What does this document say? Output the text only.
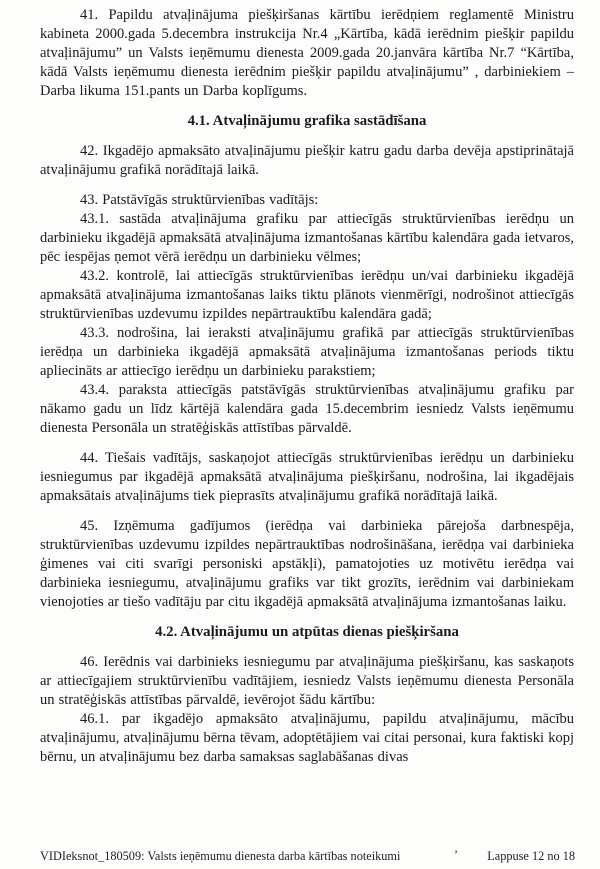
41. Papildu atvaļinājuma piešķiršanas kārtību ierēdņiem reglamentē Ministru kabineta 2000.gada 5.decembra instrukcija Nr.4 „Kārtība, kādā ierēdnim piešķir papildu atvaļinājumu” un Valsts ieņēmumu dienesta 2009.gada 20.janvāra kārtība Nr.7 “Kārtība, kādā Valsts ieņēmumu dienesta ierēdnim piešķir papildu atvaļinājumu” , darbiniekiem – Darba likuma 151.pants un Darba koplīgums.

4.1. Atvaļinājumu grafika sastādīšana

42. Ikgadējo apmaksāto atvaļinājumu piešķir katru gadu darba devēja apstiprinātajā atvaļinājumu grafikā norādītajā laikā.

43. Patstāvīgās struktūrvienības vadītājs:

43.1. sastāda atvaļinājuma grafiku par attiecīgās struktūrvienības ierēdņu un darbinieku ikgadējā apmaksātā atvaļinājuma izmantošanas kārtību kalendāra gada ietvaros, pēc iespējas ņemot vērā ierēdņu un darbinieku vēlmes;

43.2. kontrolē, lai attiecīgās struktūrvienības ierēdņu un/vai darbinieku ikgadējā apmaksātā atvaļinājuma izmantošanas laiks tiktu plānots vienmērīgi, nodrošinot attiecīgās struktūrvienības uzdevumu izpildes nepārtrauktību kalendāra gadā;

43.3. nodrošina, lai ieraksti atvaļinājumu grafikā par attiecīgās struktūrvienības ierēdņa un darbinieka ikgadējā apmaksātā atvaļinājuma izmantošanas periods tiktu apliecināts ar attiecīgo ierēdņu un darbinieku parakstiem;

43.4. paraksta attiecīgās patstāvīgās struktūrvienības atvaļinājumu grafiku par nākamo gadu un līdz kārtējā kalendāra gada 15.decembrim iesniedz Valsts ieņēmumu dienesta Personāla un stratēģiskās attīstības pārvaldē.

44. Tiešais vadītājs, saskaņojot attiecīgās struktūrvienības ierēdņu un darbinieku iesniegumus par ikgadējā apmaksātā atvaļinājuma piešķiršanu, nodrošina, lai ikgadējais apmaksātais atvaļinājums tiek pieprasīts atvaļinājumu grafikā norādītajā laikā.

45. Izņēmuma gadījumos (ierēdņa vai darbinieka pārejoša darbnespēja, struktūrvienības uzdevumu izpildes nepārtrauktības nodrošināšana, ierēdņa vai darbinieka ģimenes vai citi svarīgi personiski apstākļi), pamatojoties uz motivētu ierēdņa vai darbinieka iesniegumu, atvaļinājumu grafiks var tikt grozīts, ierēdnim vai darbiniekam vienojoties ar tiešo vadītāju par citu ikgadējā apmaksātā atvaļinājuma izmantošanas laiku.

4.2. Atvaļinājumu un atpūtas dienas piešķiršana

46. Ierēdnis vai darbinieks iesniegumu par atvaļinājuma piešķiršanu, kas saskaņots ar attiecīgajiem struktūrvienību vadītājiem, iesniedz Valsts ieņēmumu dienesta Personāla un stratēģiskās attīstības pārvaldē, ievērojot šādu kārtību:

46.1. par ikgadējo apmaksāto atvaļinājumu, papildu atvaļinājumu, mācību atvaļinājumu, atvaļinājumu bērna tēvam, adoptētājiem vai citai personai, kura faktiski kopj bērnu, un atvaļinājumu bez darba samaksas saglabāšanas divas

VIDIeksnot_180509: Valsts ieņēmumu dienesta darba kārtības noteikumi	’ Lappuse 12 no 18
